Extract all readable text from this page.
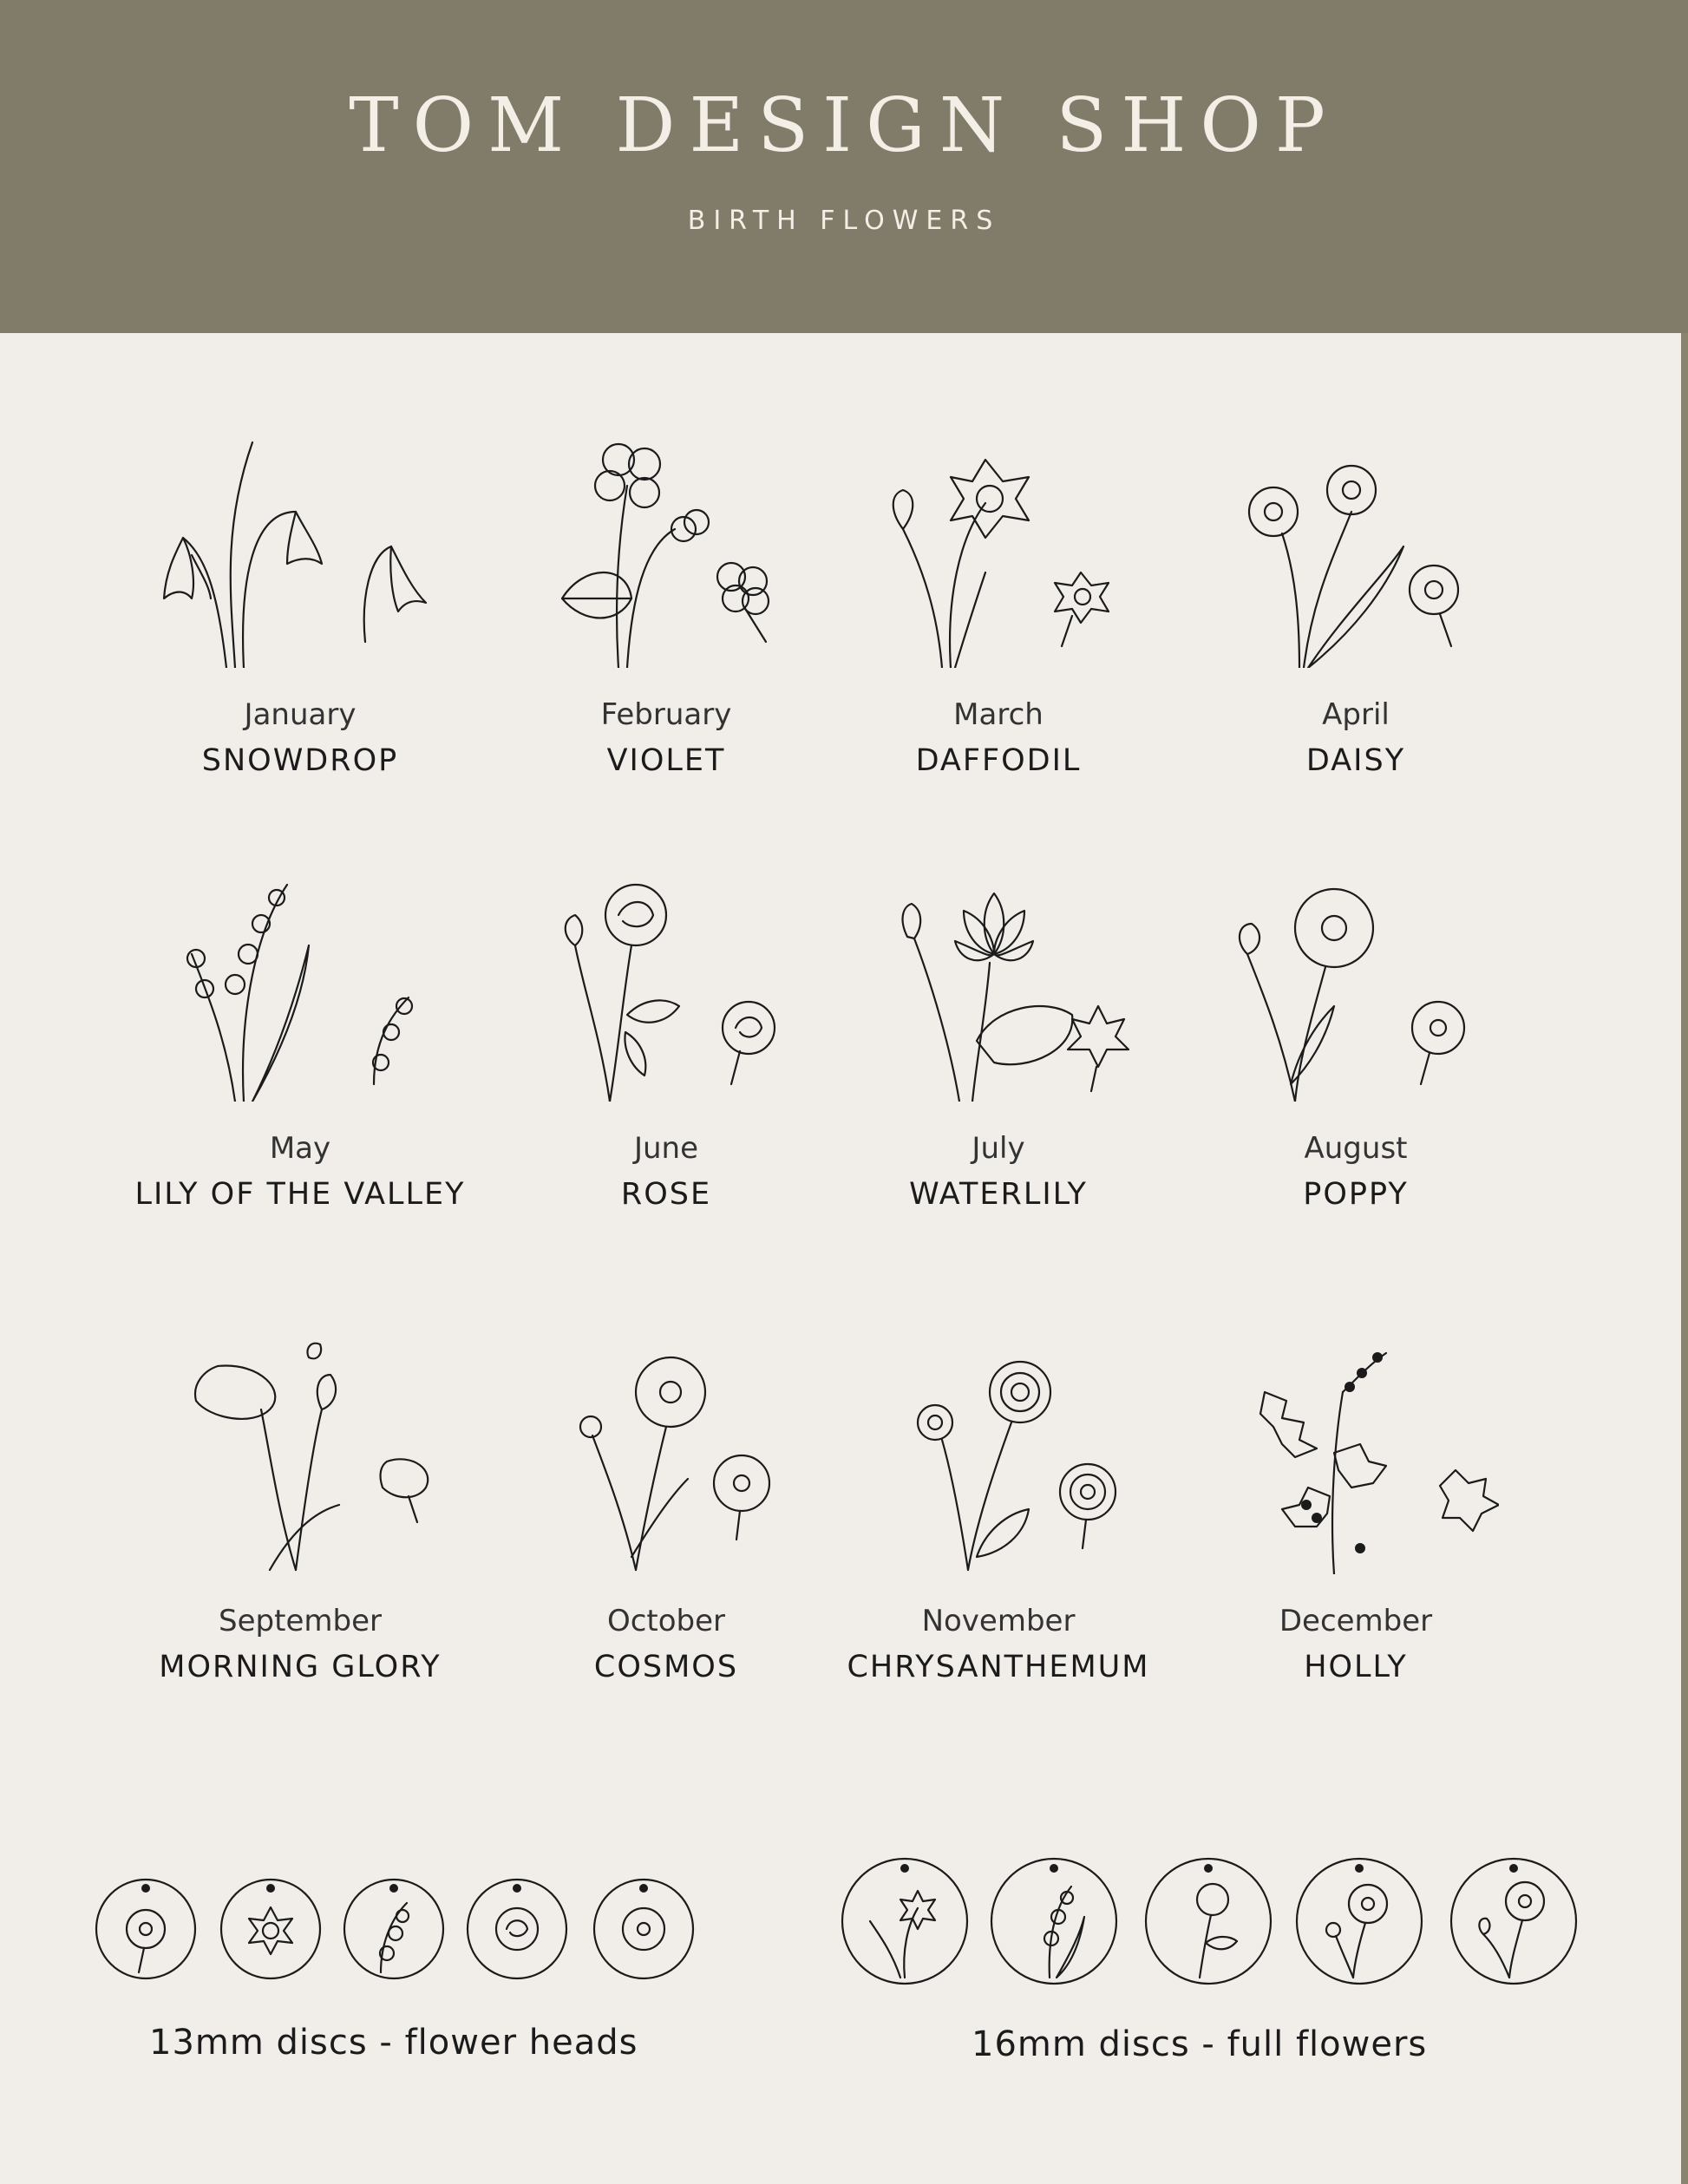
TOM DESIGN SHOP
BIRTH FLOWERS
January
SNOWDROP
February
VIOLET
March
DAFFODIL
April
DAISY
May
LILY OF THE VALLEY
June
ROSE
July
WATERLILY
August
POPPY
September
MORNING GLORY
October
COSMOS
November
CHRYSANTHEMUM
December
HOLLY
13mm discs - flower heads	16mm discs - full flowers
